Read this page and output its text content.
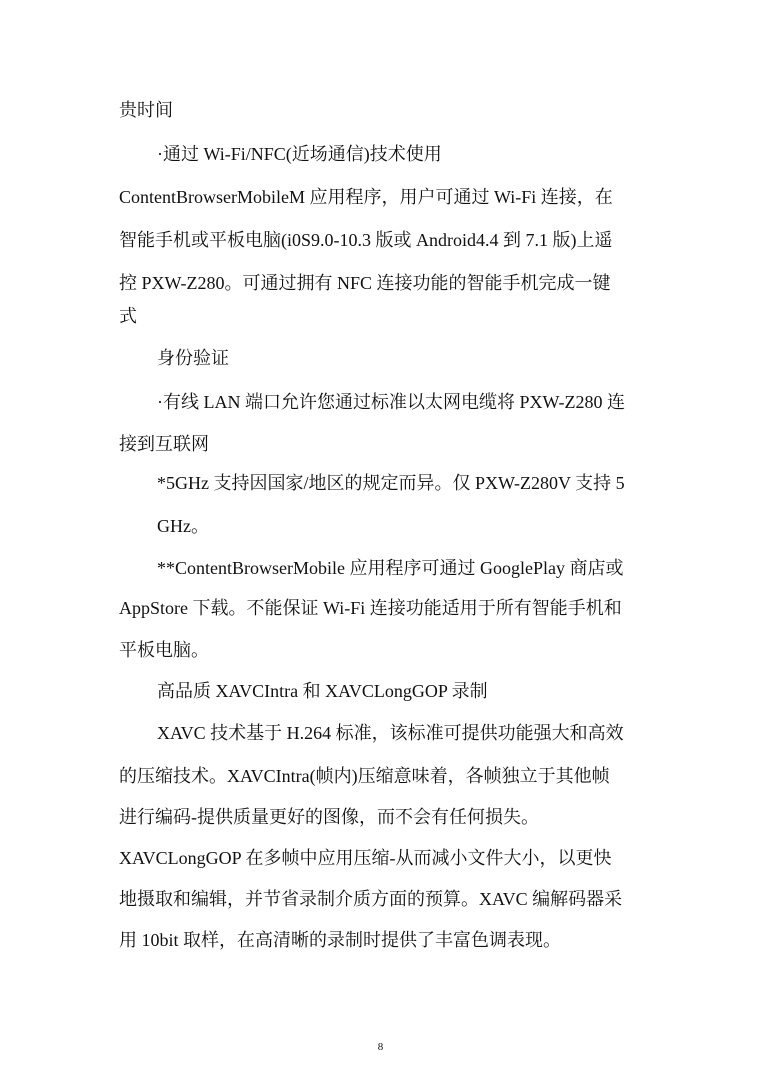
贵时间
·通过 Wi-Fi/NFC(近场通信)技术使用
ContentBrowserMobileM 应用程序，用户可通过 Wi-Fi 连接，在
智能手机或平板电脑(i0S9.0-10.3 版或 Android4.4 到 7.1 版)上遥
控 PXW-Z280。可通过拥有 NFC 连接功能的智能手机完成一键
式
身份验证
·有线 LAN 端口允许您通过标准以太网电缆将 PXW-Z280 连
接到互联网
*5GHz 支持因国家/地区的规定而异。仅 PXW-Z280V 支持 5
GHz。
**ContentBrowserMobile 应用程序可通过 GooglePlay 商店或
AppStore 下载。不能保证 Wi-Fi 连接功能适用于所有智能手机和
平板电脑。
高品质 XAVCIntra 和 XAVCLongGOP 录制
XAVC 技术基于 H.264 标准，该标准可提供功能强大和高效
的压缩技术。XAVCIntra(帧内)压缩意味着，各帧独立于其他帧
进行编码-提供质量更好的图像，而不会有任何损失。
XAVCLongGOP 在多帧中应用压缩-从而减小文件大小，以更快
地摄取和编辑，并节省录制介质方面的预算。XAVC 编解码器采
用 10bit 取样，在高清晰的录制时提供了丰富色调表现。
8
